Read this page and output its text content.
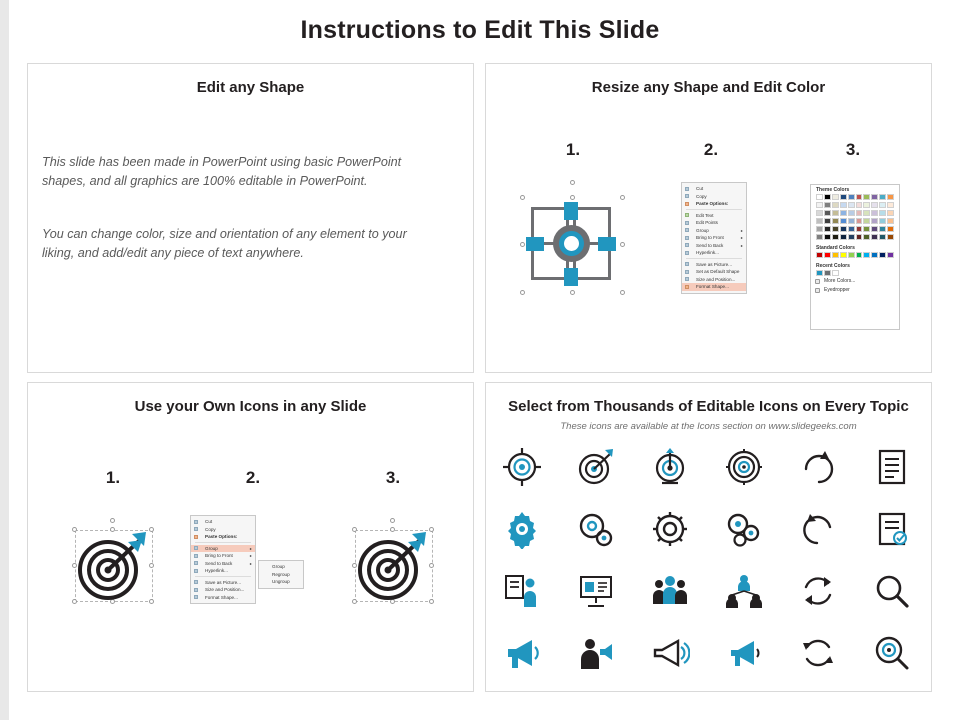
Instructions to Edit This Slide
Edit any Shape
This slide has been made in PowerPoint using basic PowerPoint shapes, and all graphics are 100% editable in PowerPoint.
You can change color, size and orientation of any element to your liking, and add/edit any piece of text anywhere.
Resize any Shape and Edit Color
1.	2.	3.
Cut
Copy
Paste Options:
Edit Text
Edit Points
Group	▸
Bring to Front	▸
Send to Back	▸
Hyperlink...
Save as Picture...
Set as Default Shape
Size and Position...
Format Shape...
Theme Colors
Standard Colors
Recent Colors
More Colors...
Eyedropper
Use your Own Icons in any Slide
1.	2.	3.
Cut
Copy
Paste Options:
Group	▸
Bring to Front	▸
Send to Back	▸
Hyperlink...
Save as Picture...
Size and Position...
Format Shape...
Group
Regroup
Ungroup
Select from Thousands of Editable Icons on Every Topic
These icons are available at the Icons section on www.slidegeeks.com
